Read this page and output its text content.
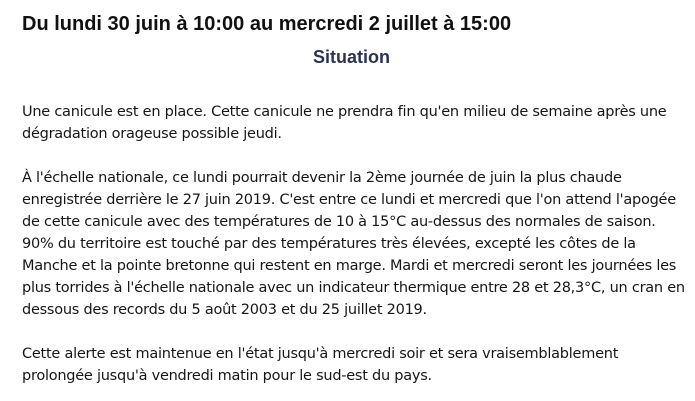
Du lundi 30 juin à 10:00 au mercredi 2 juillet à 15:00
Situation

Une canicule est en place. Cette canicule ne prendra fin qu'en milieu de semaine après une dégradation orageuse possible jeudi.

À l'échelle nationale, ce lundi pourrait devenir la 2ème journée de juin la plus chaude enregistrée derrière le 27 juin 2019. C'est entre ce lundi et mercredi que l'on attend l'apogée de cette canicule avec des températures de 10 à 15°C au-dessus des normales de saison. 90% du territoire est touché par des températures très élevées, excepté les côtes de la Manche et la pointe bretonne qui restent en marge. Mardi et mercredi seront les journées les plus torrides à l'échelle nationale avec un indicateur thermique entre 28 et 28,3°C, un cran en dessous des records du 5 août 2003 et du 25 juillet 2019.

Cette alerte est maintenue en l'état jusqu'à mercredi soir et sera vraisemblablement prolongée jusqu'à vendredi matin pour le sud-est du pays.
